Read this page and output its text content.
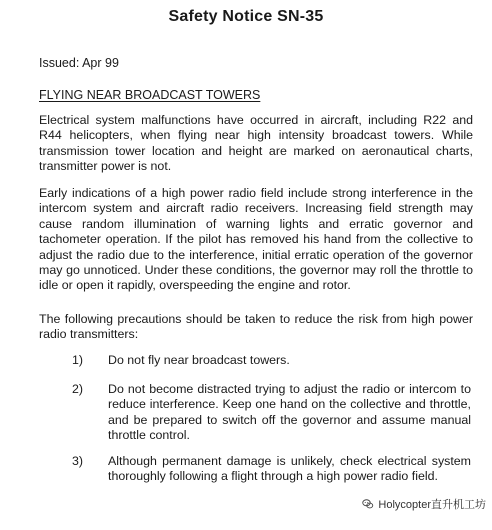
Safety Notice SN-35
Issued: Apr 99
FLYING NEAR BROADCAST TOWERS
Electrical system malfunctions have occurred in aircraft, including R22 and R44 helicopters, when flying near high intensity broadcast towers. While transmission tower location and height are marked on aeronautical charts, transmitter power is not.
Early indications of a high power radio field include strong interference in the intercom system and aircraft radio receivers. Increasing field strength may cause random illumination of warning lights and erratic governor and tachometer operation. If the pilot has removed his hand from the collective to adjust the radio due to the interference, initial erratic operation of the governor may go unnoticed. Under these conditions, the governor may roll the throttle to idle or open it rapidly, overspeeding the engine and rotor.
The following precautions should be taken to reduce the risk from high power radio transmitters:
1)	Do not fly near broadcast towers.
2)	Do not become distracted trying to adjust the radio or intercom to reduce interference. Keep one hand on the collective and throttle, and be prepared to switch off the governor and assume manual throttle control.
3)	Although permanent damage is unlikely, check electrical system thoroughly following a flight through a high power radio field.
Holycopter直升机工坊
